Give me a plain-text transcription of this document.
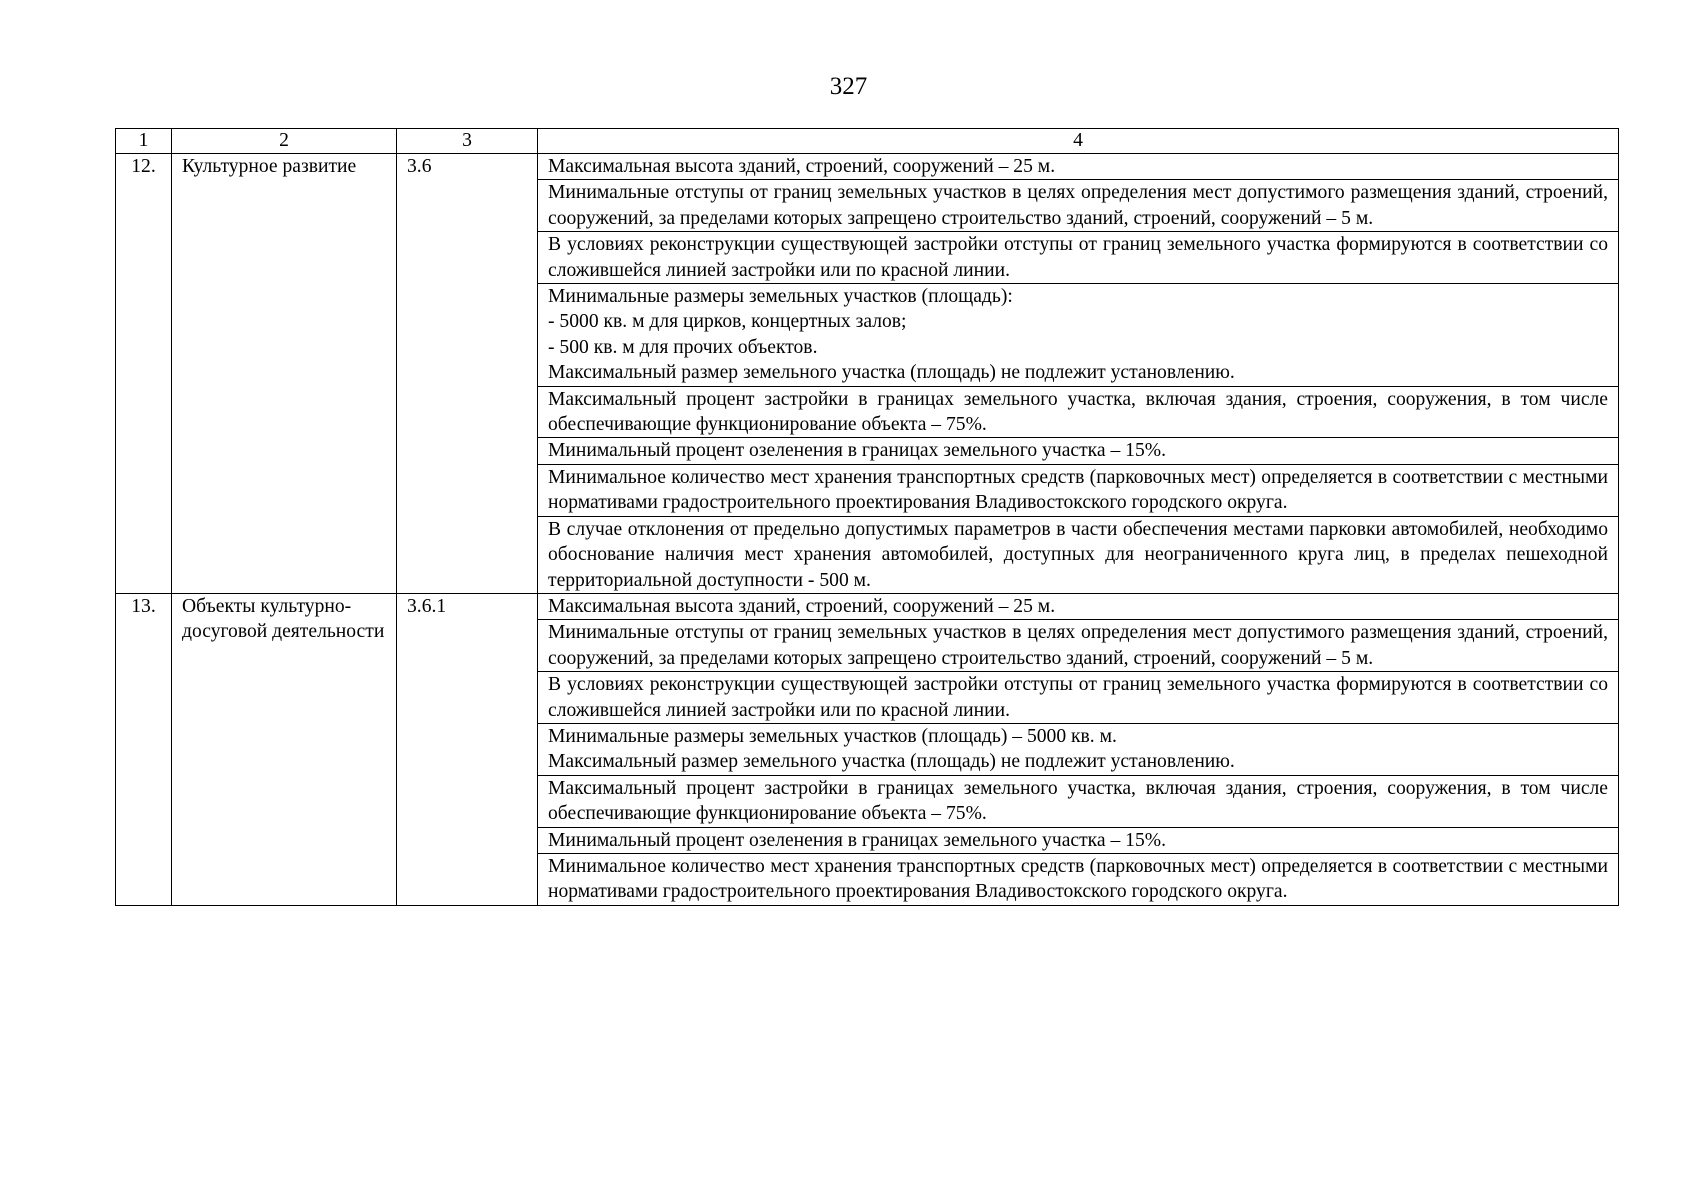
327
1	2	3	4
12.	Культурное развитие	3.6	Максимальная высота зданий, строений, сооружений – 25 м.
			Минимальные отступы от границ земельных участков в целях определения мест допустимого размещения зданий, строений, сооружений, за пределами которых запрещено строительство зданий, строений, сооружений – 5 м.
			В условиях реконструкции существующей застройки отступы от границ земельного участка формируются в соответствии со сложившейся линией застройки или по красной линии.

			Минимальные размеры земельных участков (площадь):
- 5000 кв. м для цирков, концертных залов;
- 500 кв. м для прочих объектов.
Максимальный размер земельного участка (площадь) не подлежит установлению.

			Максимальный процент застройки в границах земельного участка, включая здания, строения, сооружения, в том числе обеспечивающие функционирование объекта – 75%.
			Минимальный процент озеленения в границах земельного участка – 15%.
			Минимальное количество мест хранения транспортных средств (парковочных мест) определяется в соответствии с местными нормативами градостроительного проектирования Владивостокского городского округа.
			В случае отклонения от предельно допустимых параметров в части обеспечения местами парковки автомобилей, необходимо обоснование наличия мест хранения автомобилей, доступных для неограниченного круга лиц, в пределах пешеходной территориальной доступности - 500 м.
13.	Объекты культурно-досуговой деятельности	3.6.1	Максимальная высота зданий, строений, сооружений – 25 м.
			Минимальные отступы от границ земельных участков в целях определения мест допустимого размещения зданий, строений, сооружений, за пределами которых запрещено строительство зданий, строений, сооружений – 5 м.
			В условиях реконструкции существующей застройки отступы от границ земельного участка формируются в соответствии со сложившейся линией застройки или по красной линии.

			Минимальные размеры земельных участков (площадь) – 5000 кв. м.
Максимальный размер земельного участка (площадь) не подлежит установлению.

			Максимальный процент застройки в границах земельного участка, включая здания, строения, сооружения, в том числе обеспечивающие функционирование объекта – 75%.
			Минимальный процент озеленения в границах земельного участка – 15%.
			Минимальное количество мест хранения транспортных средств (парковочных мест) определяется в соответствии с местными нормативами градостроительного проектирования Владивостокского городского округа.
